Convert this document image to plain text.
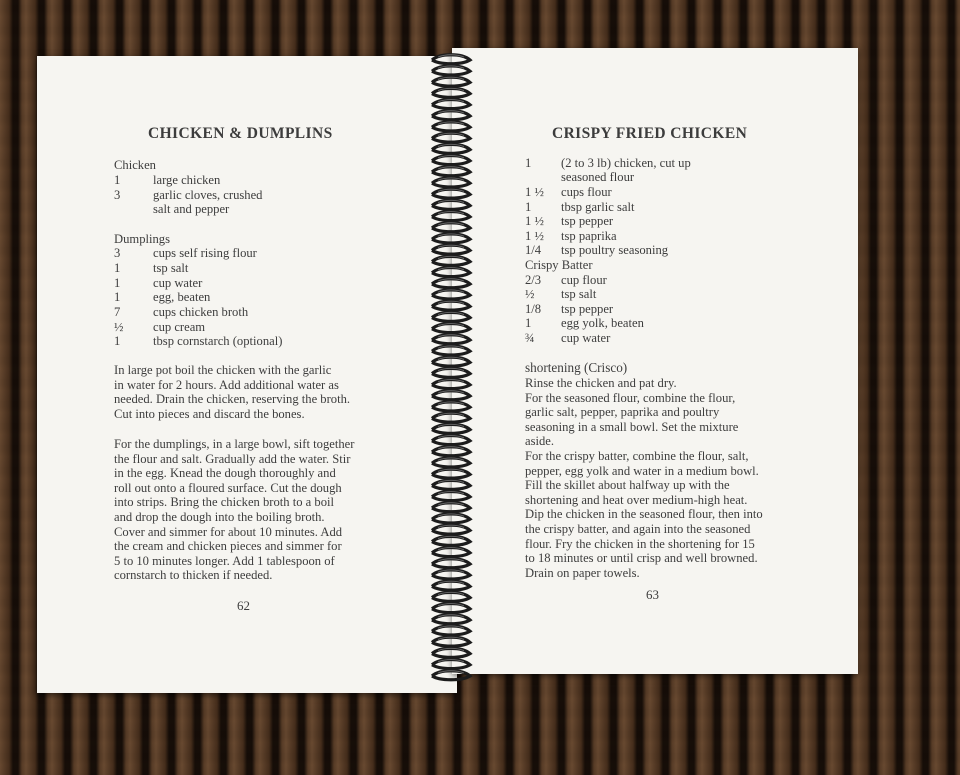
CHICKEN & DUMPLINS
Chicken
1	large chicken
3	garlic cloves, crushed
salt and pepper
Dumplings
3	cups self rising flour
1	tsp salt
1	cup water
1	egg, beaten
7	cups chicken broth
½ cup cream
1	tbsp cornstarch (optional)
In large pot boil the chicken with the garlic
in water for 2 hours. Add additional water as
needed. Drain the chicken, reserving the broth.
Cut into pieces and discard the bones.
For the dumplings, in a large bowl, sift together
the flour and salt. Gradually add the water. Stir
in the egg. Knead the dough thoroughly and
roll out onto a floured surface. Cut the dough
into strips. Bring the chicken broth to a boil
and drop the dough into the boiling broth.
Cover and simmer for about 10 minutes. Add
the cream and chicken pieces and simmer for
5 to 10 minutes longer. Add 1 tablespoon of
cornstarch to thicken if needed.
62
CRISPY FRIED CHICKEN
1 (2 to 3 lb) chicken, cut up
seasoned flour
1 ½ cups flour
1 tbsp garlic salt
1 ½ tsp pepper
1 ½ tsp paprika
1/4 tsp poultry seasoning
Crispy Batter
2/3 cup flour
½ tsp salt
1/8 tsp pepper
1 egg yolk, beaten
¾ cup water
shortening (Crisco)
Rinse the chicken and pat dry.
For the seasoned flour, combine the flour,
garlic salt, pepper, paprika and poultry
seasoning in a small bowl. Set the mixture
aside.
For the crispy batter, combine the flour, salt,
pepper, egg yolk and water in a medium bowl.
Fill the skillet about halfway up with the
shortening and heat over medium-high heat.
Dip the chicken in the seasoned flour, then into
the crispy batter, and again into the seasoned
flour. Fry the chicken in the shortening for 15
to 18 minutes or until crisp and well browned.
Drain on paper towels.
63
